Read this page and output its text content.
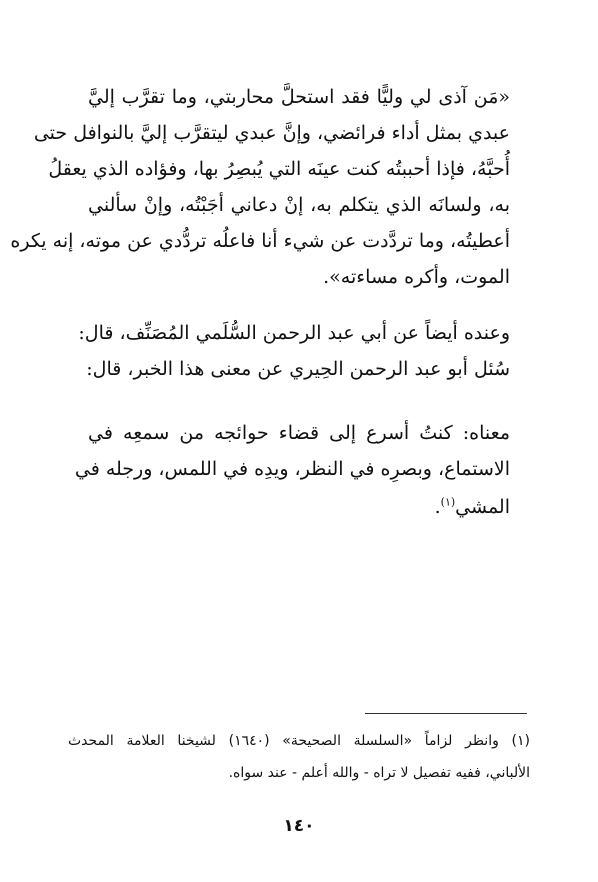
«مَن آذى لي وليًّا فقد استحلَّ محاربتي، وما تقرَّب إليَّ
عبدي بمثل أداء فرائضي، وإنَّ عبدي ليتقرَّب إليَّ بالنوافل حتى
أُحبَّهُ، فإذا أحببتُه كنت عينَه التي يُبصِرُ بها، وفؤاده الذي يعقلُ
به، ولسانَه الذي يتكلم به، إنْ دعاني أجَبْتُه، وإنْ سألني
أعطيتُه، وما تردَّدت عن شيء أنا فاعلُه تردُّدي عن موته، إنه يكره
الموت، وأكره مساءته».
وعنده أيضاً عن أبي عبد الرحمن السُّلَمي المُصَنِّف، قال:
سُئل أبو عبد الرحمن الحِيري عن معنى هذا الخبر، قال:
معناه: كنتُ أسرع إلى قضاء حوائجه من سمعِه في
الاستماع، وبصرِه في النظر، ويدِه في اللمس، ورجله في
المشي$^{(١)}$.
(١) وانظر لزاماً «السلسلة الصحيحة» (١٦٤٠) لشيخنا العلامة المحدث
الألباني، ففيه تفصيل لا تراه - والله أعلم - عند سواه.
١٤٠
